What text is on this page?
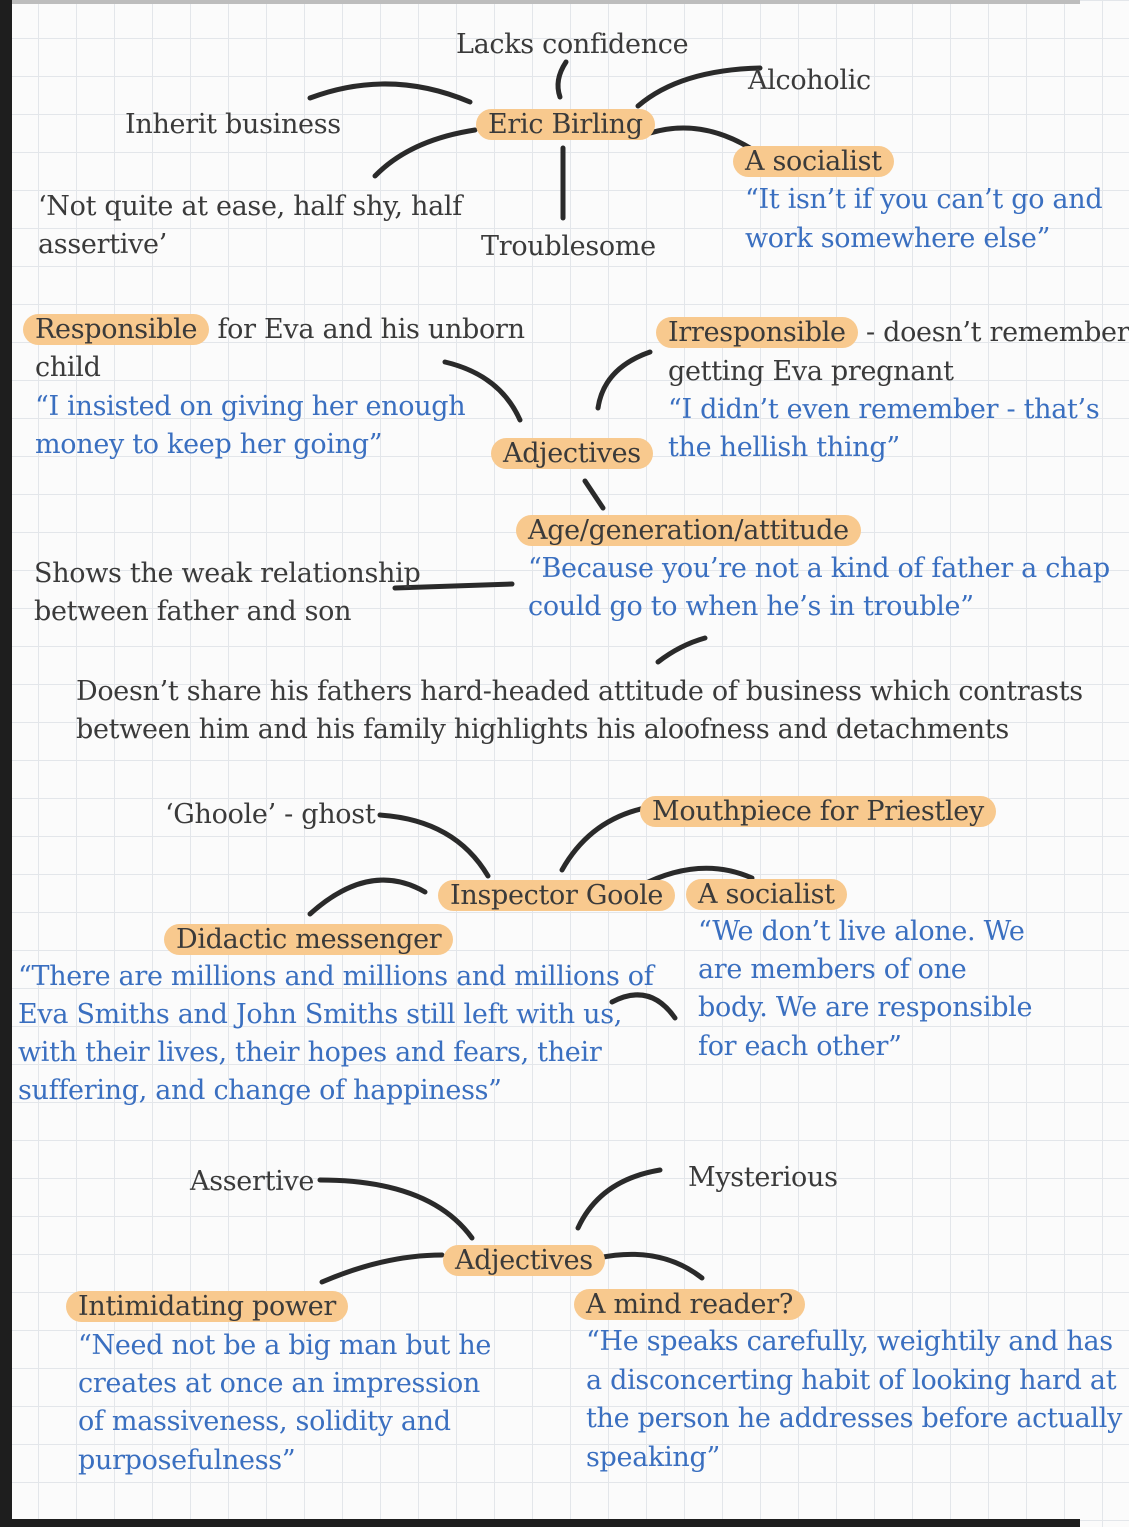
Lacks confidence
Alcoholic
Inherit business	Eric Birling
A socialist
“It isn’t if you can’t go and
work somewhere else”
‘Not quite at ease, half shy, half
assertive’	Troublesome
Responsible for Eva and his unborn
child
“I insisted on giving her enough
money to keep her going”
Irresponsible - doesn’t remember
getting Eva pregnant
“I didn’t even remember - that’s
the hellish thing”
Adjectives
Age/generation/attitude
“Because you’re not a kind of father a chap
could go to when he’s in trouble”
Shows the weak relationship
between father and son
Doesn’t share his fathers hard-headed attitude of business which contrasts
between him and his family highlights his aloofness and detachments
‘Ghoole’ - ghost	Mouthpiece for Priestley
Inspector Goole	A socialist
“We don’t live alone. We
are members of one
body. We are responsible
for each other”
Didactic messenger
“There are millions and millions and millions of
Eva Smiths and John Smiths still left with us,
with their lives, their hopes and fears, their
suffering, and change of happiness”
Assertive	Mysterious
Adjectives
Intimidating power
“Need not be a big man but he
creates at once an impression
of massiveness, solidity and
purposefulness”
A mind reader?
“He speaks carefully, weightily and has
a disconcerting habit of looking hard at
the person he addresses before actually
speaking”
